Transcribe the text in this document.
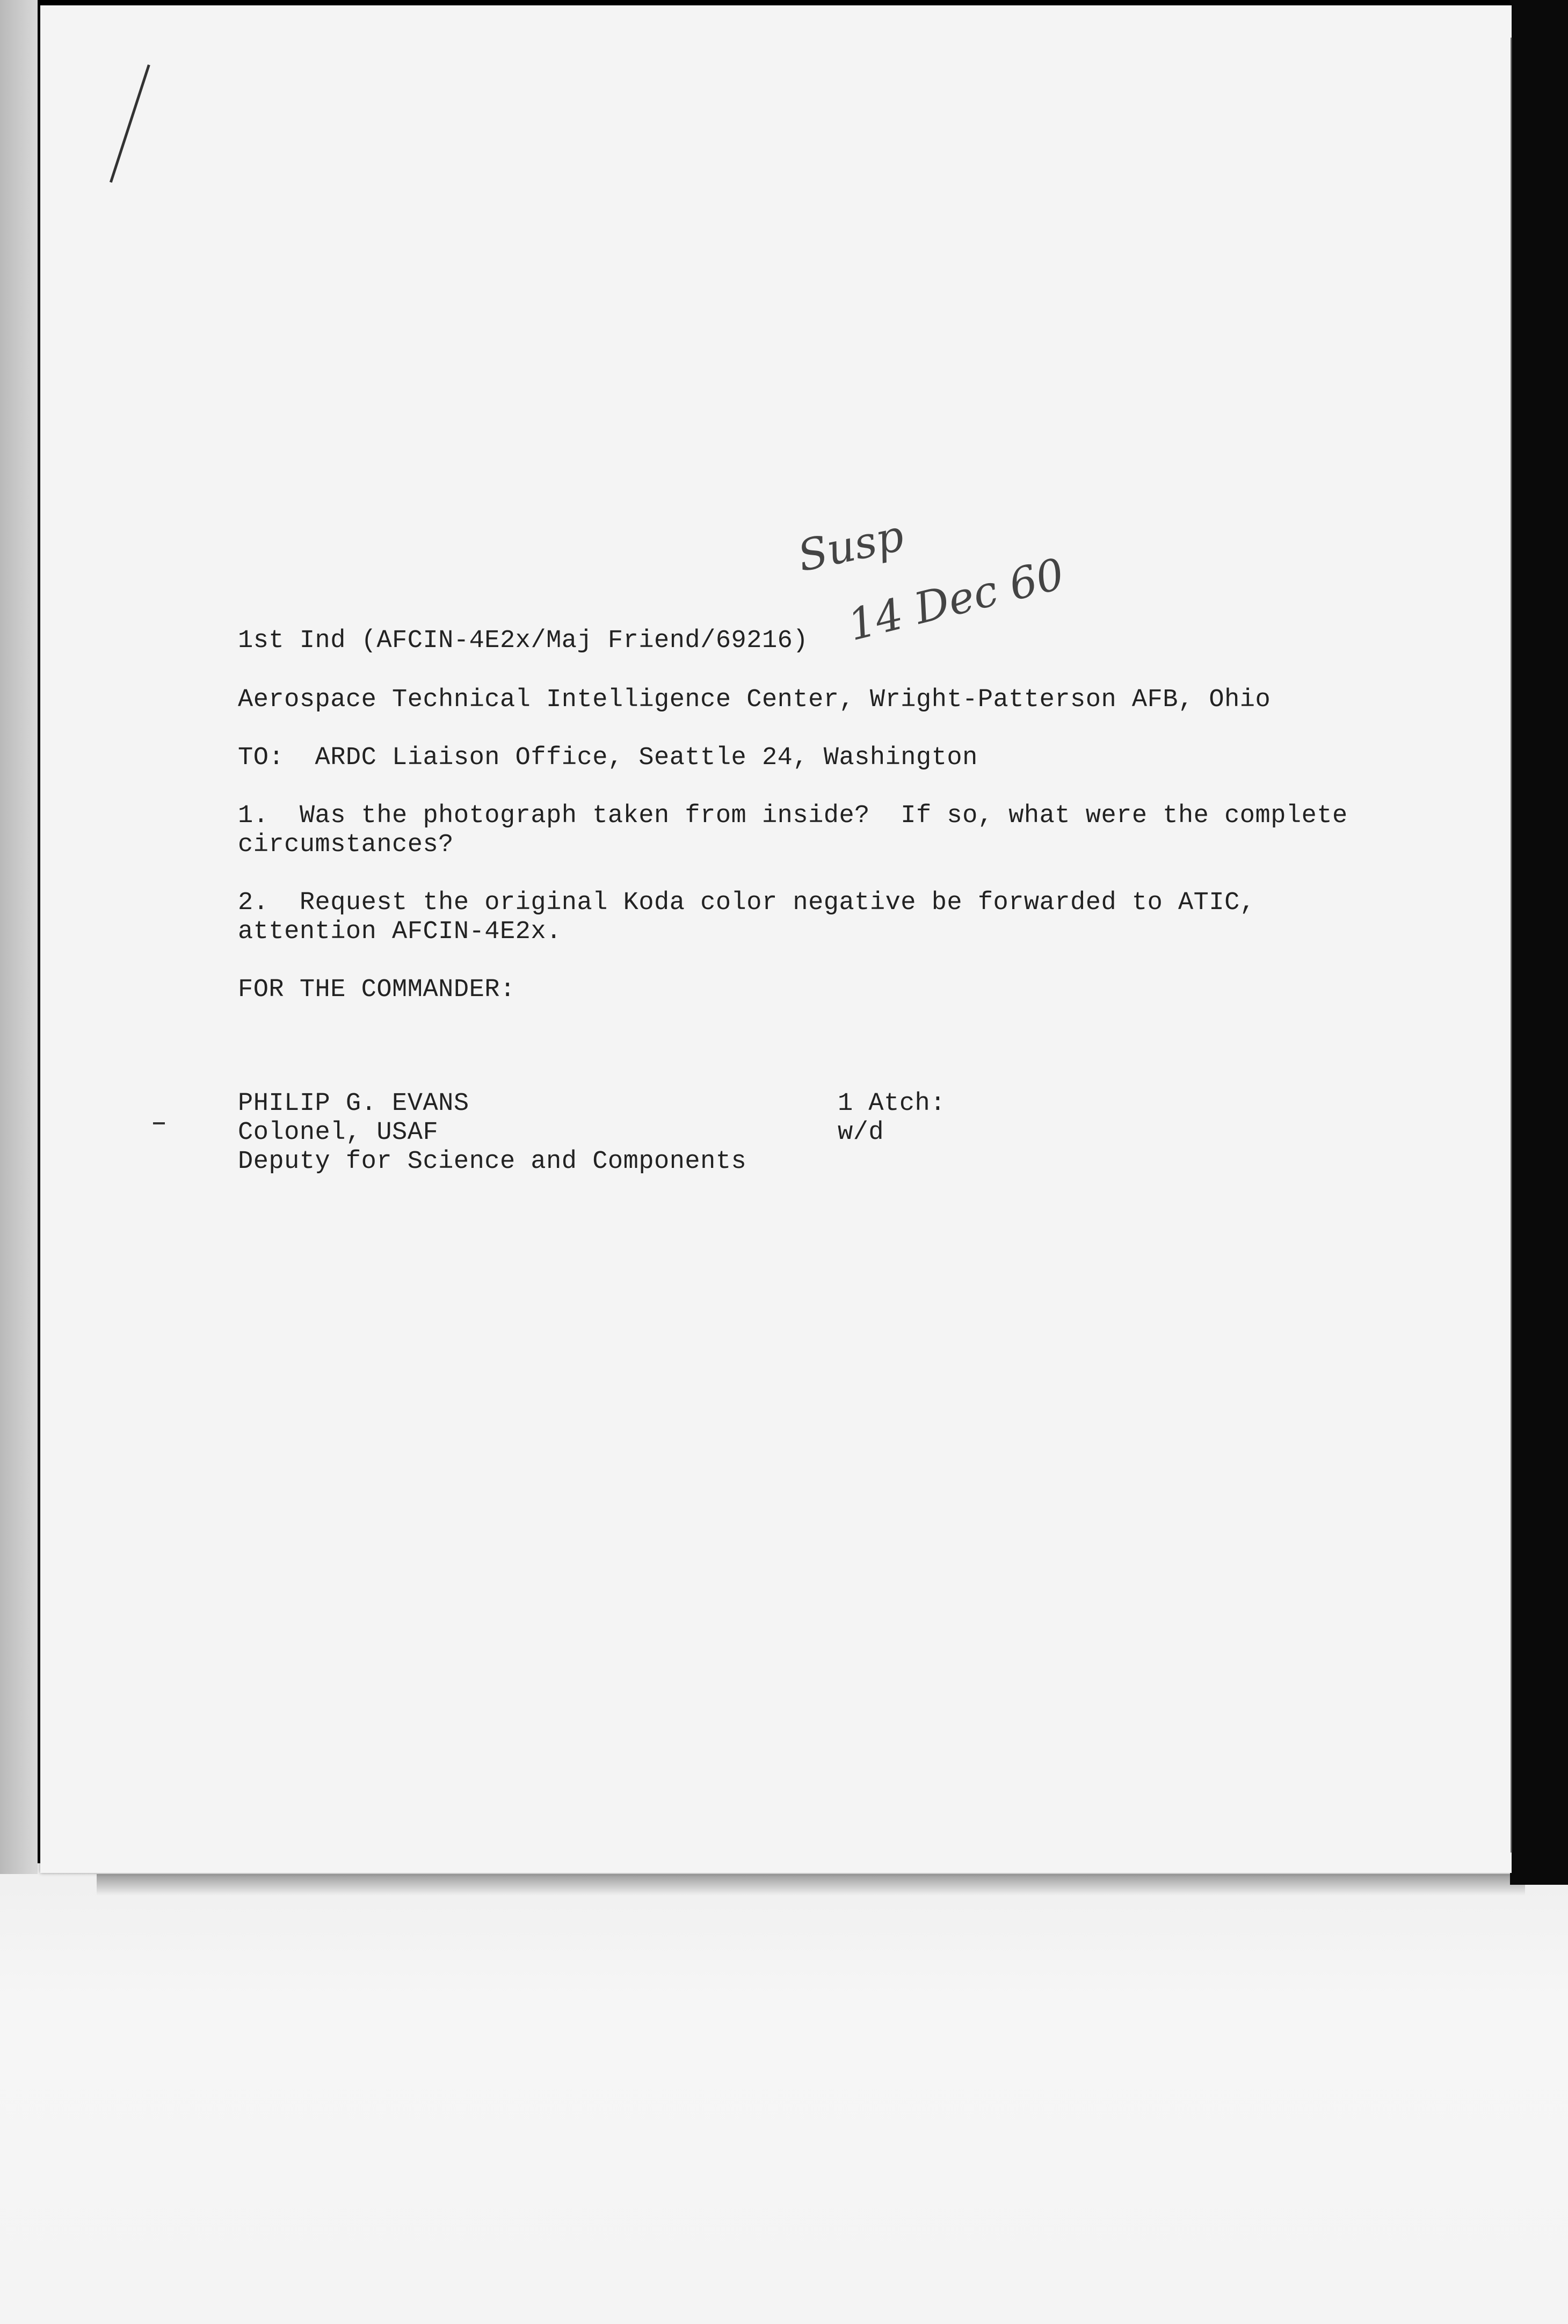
Susp
14 Dec 60

1st Ind (AFCIN-4E2x/Maj Friend/69216)

Aerospace Technical Intelligence Center, Wright-Patterson AFB, Ohio

TO:  ARDC Liaison Office, Seattle 24, Washington

1.  Was the photograph taken from inside?  If so, what were the complete

circumstances?

2.  Request the original Koda color negative be forwarded to ATIC,

attention AFCIN-4E2x.

FOR THE COMMANDER:

PHILIP G. EVANS

Colonel, USAF

Deputy for Science and Components

1 Atch:

w/d
